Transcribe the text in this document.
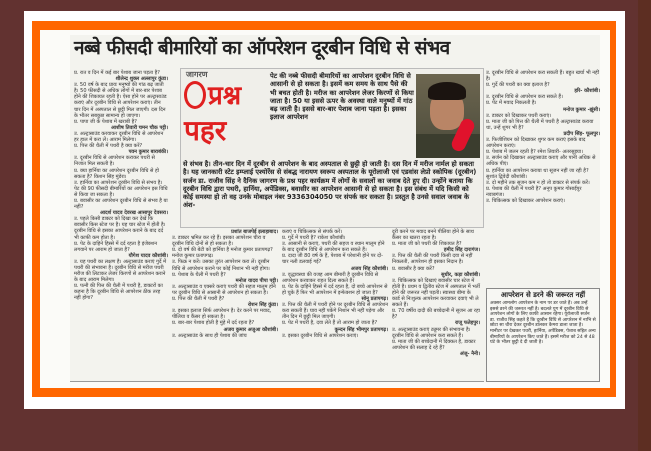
नब्बे फीसदी बीमारियों का ऑपरेशन दूरबीन विधि से संभव

प्र. रात व दिन में कई बार पेशाब जाना पड़ता है?

शीलेन्द्र शुक्ल अल्लापुर कुंडा।

उ. 50 वर्ष के बाद प्रायः मनुष्यों की गांठ बढ़ जाती है। 50 फीसदी से अधिक लोगों में बार-बार पेशाब होने की शिकायत रहती है। ऐसा होने पर अल्ट्रासाउंड कराएं और दूरबीन विधि से आपरेशन कराएं। तीन चार दिन में अस्पताल से छुट्टी मिल जाएगी। दस दिन के भीतर सबकुछ सामान्य हो जाएगा।

प्र. पापा जी के पेशाब में खराबी है?

आशीष तिवारी चमन चौक पट्टी।

उ. अल्ट्रासाउंड करवाकर दूरबीन विधि से आपरेशन हर हाल में करा लें। आराम मिलेगा।

प्र. पित्त की थैली में पथरी है क्या करें?

पवन कुमार बाराबंकी।

उ. दूरबीन विधि से आपरेशन कराकर पथरी से निजात मिल सकती है।

प्र. क्या हार्निया का आपरेशन दूरबीन विधि से हो सकता है? किशन सिंह मुंडेरा।

उ. हार्निया का आपरेशन दूरबीन विधि से संभव है। पेट की 90 फीसदी बीमारियों का आपरेशन इस विधि से किया जा सकता है।

प्र. बवासीर का आपरेशन दूरबीन विधि से संभव है या नहीं?

आदर्श यादव देवरख आसापुर देवसरा।

उ. पहले किसी डाक्टर को दिखा कर देखें कि बवासीर किस स्टेज पर है। यह चार स्टेज में होती है। दूरबीन विधि से इसका आपरेशन कराने के बाद दर्द भी काफी कम होता है।

प्र. पेट के दाहिने हिस्से में दर्द रहता है इंजेक्शन लगवाने पर आराम हो जाता है?

यौगेश यादव कौशांबी।

उ. यह पथरी का लक्षण है। अल्ट्रासाउंड कराएं गुर्दे में पथरी की संभावना है। दूरबीन विधि से मरीज पथरी मरीज की लिटाकर लेजर किरणों से आपरेशन कराने के बाद आराम मिलेगा।

प्र. पत्नी की पित्त की थैली में पथरी है, डाक्टरों का कहना है कि दूरबीन विधि से आपरेशन ठीक तरह नहीं होगा?

जागरण
प्रश्न
पहर
पेट की नब्बे फीसदी बीमारियों का आपरेशन दूरबीन विधि से आसानी से हो सकता है। इसमें कम समय के साथ पैसे की भी बचत होती है। मरीज का आपरेशन लेजर किरणों से किया जाता है। 50 या इससे ऊपर के अवस्था वाले मनुष्यों में गांठ बढ़ जाती है। इससे बार-बार पेशाब जाना पड़ता है। इसका इलाज आपरेशन
से संभव है। तीन-चार दिन में दूरबीन से आपरेशन के बाद अस्पताल से छुट्टी हो जाती है। दस दिन में मरीज नार्मल हो सकता है। यह जानकारी स्टेट इम्प्लाई एश्योरेंस से संबद्ध नारायण स्वरूप अस्पताल के यूरोलाजी एवं एडवांस लेप्रो स्कोपिक (दूरबीन) सर्जन डा. राजीव सिंह ने दैनिक जागरण के प्रश्न पहर कार्यक्रम में लोगों के सवालों का जवाब देते हुए दी। उन्होंने बताया कि दूरबीन विधि द्वारा पथरी, हार्निया, अपेंडिक्स, बवासीर का आपरेशन आसानी से हो सकता है। इस संबंध में यदि किसी को कोई समस्या हो तो वह उनके मोबाइल नंबर 9336304050 पर संपर्क कर सकता है। प्रस्तुत है उनसे सवाल जवाब के अंश-

प्रशांत बाजपेई इलाहाबाद।

उ. डाक्टर भ्रमित कर रहे हैं। इसका आपरेशन चीरा व दूरबीन विधि दोनों से हो सकता है।

प्र. दो वर्ष की बेटी को हार्निया है मनोज कुमार प्रतापगढ़? मनोज कुमार प्रतापगढ़।

उ. फिक्र न करें। उसका तुरंत आपरेशन करा लें। दूरबीन विधि से आपरेशन कराने पर कोई निशान भी नहीं होगा।

प्र. पेशाब के थैली में पथरी है?

मनोज यादव पीपा पट्टी।

उ. अल्ट्रासाउंड व एक्सरे कराएं पथरी की सहज मालूम होने पर दूरबीन विधि से आसानी से आपरेशन हो सकता है।

प्र. पित्त की थैली में पथरी है?

रोशन सिंह कुंडा।

उ. इसका इलाज सिर्फ आपरेशन है। देर करने पर मवाद, पीलिया व कैंसर हो सकता है।

प्र. बार-बार पेशाब होती है मुंहे में दर्द रहता है?

अजय कुमार अजुआ कौशांबी।

उ. अल्ट्रासाउंड के साथ ही पेशाब की जांच

कराएं व चिकित्सक से संपर्क करें।

प्र. गुर्दे में पथरी है? राकेश कौशांबी।

उ. आसानी से कराएं, पथरी की सहज व स्थान मालूम होने के बाद दूरबीन विधि से आपरेशन करा सकते हैं।

प्र. दादा जी 80 वर्ष के हैं, पेशाब में परेशानी होने पर दो-चार नली डलवाई गई?

अजय सिंह कौशांबी।

उ. वृद्धावस्था की वजह आम बीमारी है दूरबीन विधि से आपरेशन करवाकर राहत दिला सकते हैं।

प्र. पेट के दाहिने हिस्से में दर्द रहता है, दो बच्चे आपरेशन से हो चुके हैं फिर भी आपरेशन में इन्फेक्शन हो जाता है?

सोनू प्रतापगढ़।

उ. पित्त की थैली में पथरी होने पर दूरबीन विधि से आपरेशन करा सकती हैं। घाव नहीं पकेंगे निशान भी नहीं पड़ेगा और तीन दिन में छुट्टी मिल जाएगी।

प्र. पेट में पथरी है, दवा लेते हैं तो आराम हो जाता है?

कुन्दन सिंह भीमपुर प्रतापगढ़।

उ. इसका दूरबीन विधि से आपरेशन कराएं।

दूरी करने पर मवाद बनने पीलिया होने के साथ कैंसर का खतरा रहता है।

प्र. माता जी को पथरी की शिकायत है?

हमीद सिंह दारागंज।

उ. पित्त की थैली की पथरी किसी दवा से नहीं निकलती, आपरेशन ही इसका निदान है।

प्र. बवासीर है क्या करें?

सुधीर, कड़ा कौशांबी।

उ. चिकित्सक को दिखाएं बवासीर चार स्टेज में होती है। प्रथम व द्वितीय स्टेज में अस्पताल में भर्ती होने की जरूरत नहीं पड़ती। स्वास्थ्य बीमा के कार्ड से निःशुल्क आपरेशन करवाकर दवाएं भी ले सकते हैं।

प्र. 70 वर्षीय दादी की बच्चेदानी में सूजन आ रहा है?

राजू फतेहपुर।

उ. अल्ट्रासाउंड कराएं ट्यूमर की संभावना है। दूरबीन विधि से आपरेशन करा सकते हैं।

प्र. माता जी की बच्चेदानी में दिक्कत है, डाक्टर आपरेशन की सलाह दे रहे हैं?

अंजू- नैनी।

उ. दूरबीन विधि से आपरेशन करा सकती हैं। बहुत खर्चा भी नहीं है।

प्र. गुर्दे की पथरी का क्या इलाज है?

हरि- कौशांबी।

उ. दूरबीन विधि से आपरेशन करा सकते हैं।

प्र. पेट में मवाद निकलती है।

मनोज कुमार -झूंसी।

उ. डाक्टर को दिखाकर पथरी कराएं।

प्र. माता जी को पित्त की थैली में पथरी है अल्ट्रासाउंड कराया था, उन्हें शुगर भी है?

प्रदीप सिंह- फूलपुर।

उ. फिजीशियन को दिखाकर शुगर कम कराएं इसके बाद आपरेशन कराएं।

प्र. पेशाब में जलन रहती है? रमेश तिवारी- अतरसुइया।

उ. सर्जन को दिखाकर अल्ट्रासाउंड कराएं और पानी अधिक से अधिक पीएं।

प्र. हार्निया का आपरेशन कराया था सूजन नहीं जा रही है? सुशांत द्विवेदी कौशांबी।

उ. दो महीने तक सूजन कम न हो तो डाक्टर से संपर्क करें।

प्र. पेशाब की थैली में पथरी है? अनूप कुमार गोसाईंपुर नवाबगंज।

उ. चिकित्सक को दिखाकर आपरेशन कराएं।

आपरेशन से डरने की जरूरत नहीं
अक्सर आमलोग आपरेशन के नाम पर डर जाते हैं। अब उन्हें इससे डरने की जरूरत नहीं है। बदलते युग में दूरबीन विधि से आपरेशन लोगों के लिए काफी आसान रहेगा। यूरोलाजी सर्जन डा. राजीव सिंह कहते हैं कि दूरबीन विधि से आपरेशन में नाभि से छोटा सा चीरा देकर दूरबीन डालकर कैमरा डाला जाता है। मानीटर पर देखकर पथरी, हार्निया, अपेंडिक्स, पेशाब सहित अन्य बीमारियों के आपरेशन किए जाते हैं। इसमें मरीज को 24 से 48 घंटे के भीतर छुट्टी दे दी जाती है।
